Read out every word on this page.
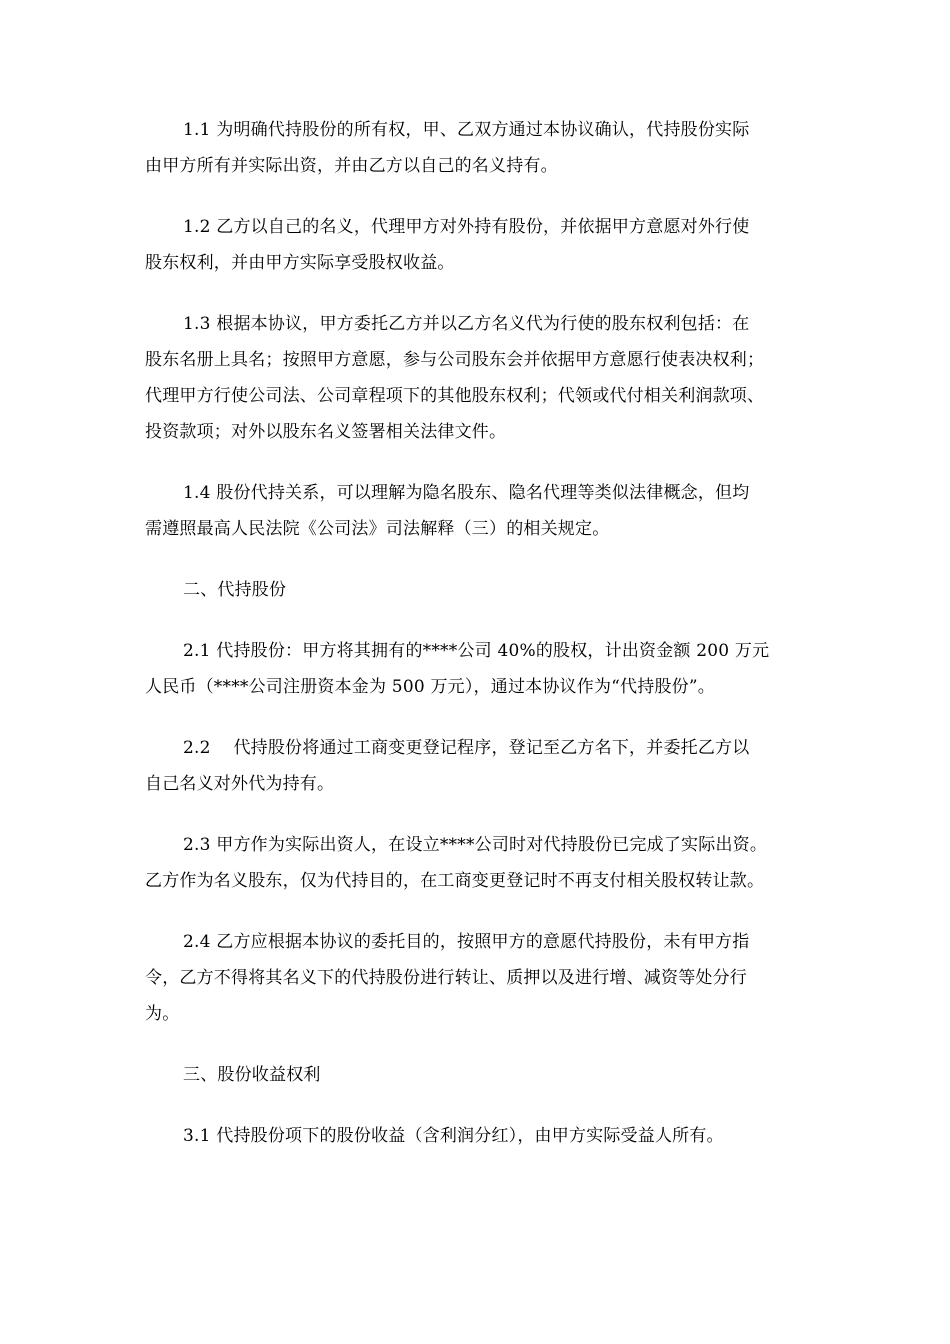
1.1 为明确代持股份的所有权，甲、乙双方通过本协议确认，代持股份实际
由甲方所有并实际出资，并由乙方以自己的名义持有。
1.2 乙方以自己的名义，代理甲方对外持有股份，并依据甲方意愿对外行使
股东权利，并由甲方实际享受股权收益。
1.3 根据本协议，甲方委托乙方并以乙方名义代为行使的股东权利包括：在
股东名册上具名；按照甲方意愿，参与公司股东会并依据甲方意愿行使表决权利；
代理甲方行使公司法、公司章程项下的其他股东权利；代领或代付相关利润款项、
投资款项；对外以股东名义签署相关法律文件。
1.4 股份代持关系，可以理解为隐名股东、隐名代理等类似法律概念，但均
需遵照最高人民法院《公司法》司法解释（三）的相关规定。
二、代持股份
2.1 代持股份：甲方将其拥有的****公司 40%的股权，计出资金额 200 万元
人民币（****公司注册资本金为 500 万元），通过本协议作为“代持股份”。
2.2 　代持股份将通过工商变更登记程序，登记至乙方名下，并委托乙方以
自己名义对外代为持有。
2.3 甲方作为实际出资人，在设立****公司时对代持股份已完成了实际出资。
乙方作为名义股东，仅为代持目的，在工商变更登记时不再支付相关股权转让款。
2.4 乙方应根据本协议的委托目的，按照甲方的意愿代持股份，未有甲方指
令，乙方不得将其名义下的代持股份进行转让、质押以及进行增、减资等处分行
为。
三、股份收益权利
3.1 代持股份项下的股份收益（含利润分红），由甲方实际受益人所有。
